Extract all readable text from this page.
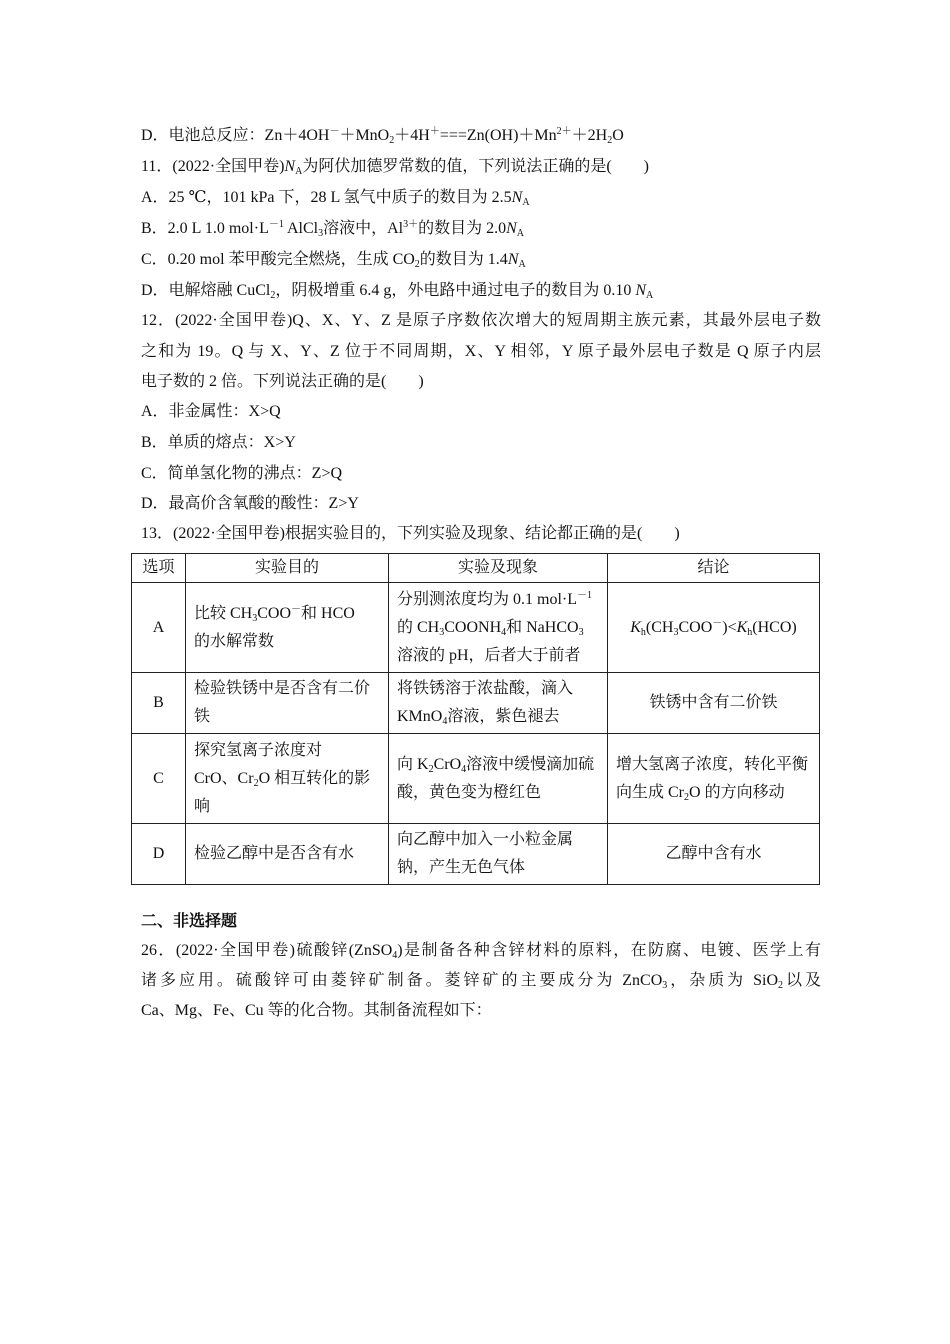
D．电池总反应：$Zn+4OH^-+MnO_2+4H^+===Zn(OH)+Mn^{2+}+2H_2O$
11．(2022·全国甲卷)$N_A$为阿伏加德罗常数的值，下列说法正确的是(　　)
A．25 ℃，101 kPa 下，28 L 氢气中质子的数目为 $2.5N_A$
B．2.0 L 1.0 $mol\cdot L^{-1}$ AlCl$_3$溶液中，$Al^{3+}$的数目为 $2.0N_A$
C．0.20 mol 苯甲酸完全燃烧，生成 $CO_2$的数目为 $1.4N_A$
D．电解熔融 CuCl$_2$，阴极增重 6.4 g，外电路中通过电子的数目为 0.10 $N_A$
12．(2022·全国甲卷)Q、X、Y、Z 是原子序数依次增大的短周期主族元素，其最外层电子数
之和为 19。Q 与 X、Y、Z 位于不同周期，X、Y 相邻，Y 原子最外层电子数是 Q 原子内层
电子数的 2 倍。下列说法正确的是(　　)
A．非金属性：X>Q
B．单质的熔点：X>Y
C．简单氢化物的沸点：Z>Q
D．最高价含氧酸的酸性：Z>Y
13．(2022·全国甲卷)根据实验目的，下列实验及现象、结论都正确的是(　　)
选项	实验目的	实验及现象	结论
A	比较 $CH_3COO^-$和 HCO
的水解常数	分别测浓度均为 0.1 $mol\cdot L^{-1}$
的 $CH_3COONH_4$和 NaHCO$_3$
溶液的 pH，后者大于前者	$K_h(CH_3COO^-)<K_h(HCO)$
B	检验铁锈中是否含有二价铁	将铁锈溶于浓盐酸，滴入
KMnO$_4$溶液，紫色褪去	铁锈中含有二价铁
C	探究氢离子浓度对
CrO、$Cr_2O$ 相互转化的影响	向 $K_2CrO_4$溶液中缓慢滴加硫酸，黄色变为橙红色	增大氢离子浓度，转化平衡向生成 $Cr_2O$ 的方向移动
D	检验乙醇中是否含有水	向乙醇中加入一小粒金属钠，产生无色气体	乙醇中含有水
二、非选择题
26．(2022·全国甲卷)硫酸锌(ZnSO$_4$)是制备各种含锌材料的原料，在防腐、电镀、医学上有
诸多应用。硫酸锌可由菱锌矿制备。菱锌矿的主要成分为 ZnCO$_3$，杂质为 SiO$_2$以及
Ca、Mg、Fe、Cu 等的化合物。其制备流程如下：
